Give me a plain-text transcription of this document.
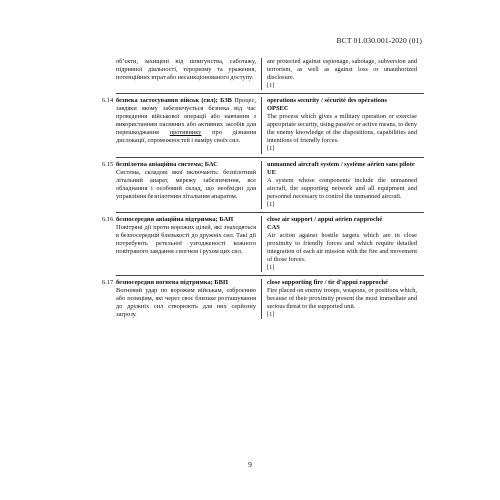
ВСТ 01.030.001-2020 (01)
об’єкти, захищені від шпигунства, саботажу, підривної діяльності, тероризму та ураження, потенційних втрат або несанкціонованого доступу.
are protected against espionage, sabotage, subversion and terrorism, as well as against loss or unauthorized disclosure.
[1]
6.14 безпека застосування військ (сил); БЗВ Процес, завдяки якому забезпечується безпека від час проведення військової операції або навчання з використанням пасивних або активних засобів для перешкоджання противнику про дізнання дислокації, спроможностей і наміру своїх сил.
operations security / sécurité des opérations
OPSEC
The process which gives a military operation or exercise appropriate security, using passive or active means, to deny the enemy knowledge of the dispositions, capabilities and intentions of friendly forces.
[1]
6.15 безпілотна авіаційна система; БАС
Система, складові якої включають: безпілотний літальний апарат, мережу забезпечення, все обладнання і особовий склад, що необхідні для управління безпілотним літальним апаратом.
unmanned aircraft system / système aérien sans pilote
UE
A system whose components include the unmanned aircraft, the supporting network and all equipment and personnel necessary to control the unmanned aircraft.
[1]
6.16 безпосередня авіаційна підтримка; БАП
Повітряні дії проти ворожих цілей, які знаходяться в безпосередній близькості до дружніх сил. Такі дії потребують ретельної узгодженості кожного повітряного завдання з вогнем і рухом цих сил.
close air support / appui aérien rapproché
CAS
Air action against hostile targets which are in close proximity to friendly forces and which require detailed integration of each air mission with the fire and movement of those forces.
[1]
6.17 безпосередня вогнева підтримка; БВП
Вогневий удар по ворожим військам, озброєнню або позиціям, які через своє близьке розташування до дружніх сил створюють для них серйозну загрозу.
close supporting fire / tir d’appui rapproché
Fire placed on enemy troops, weapons, or positions which, because of their proximity present the most immediate and serious threat to the supported unit.
[1]
9
